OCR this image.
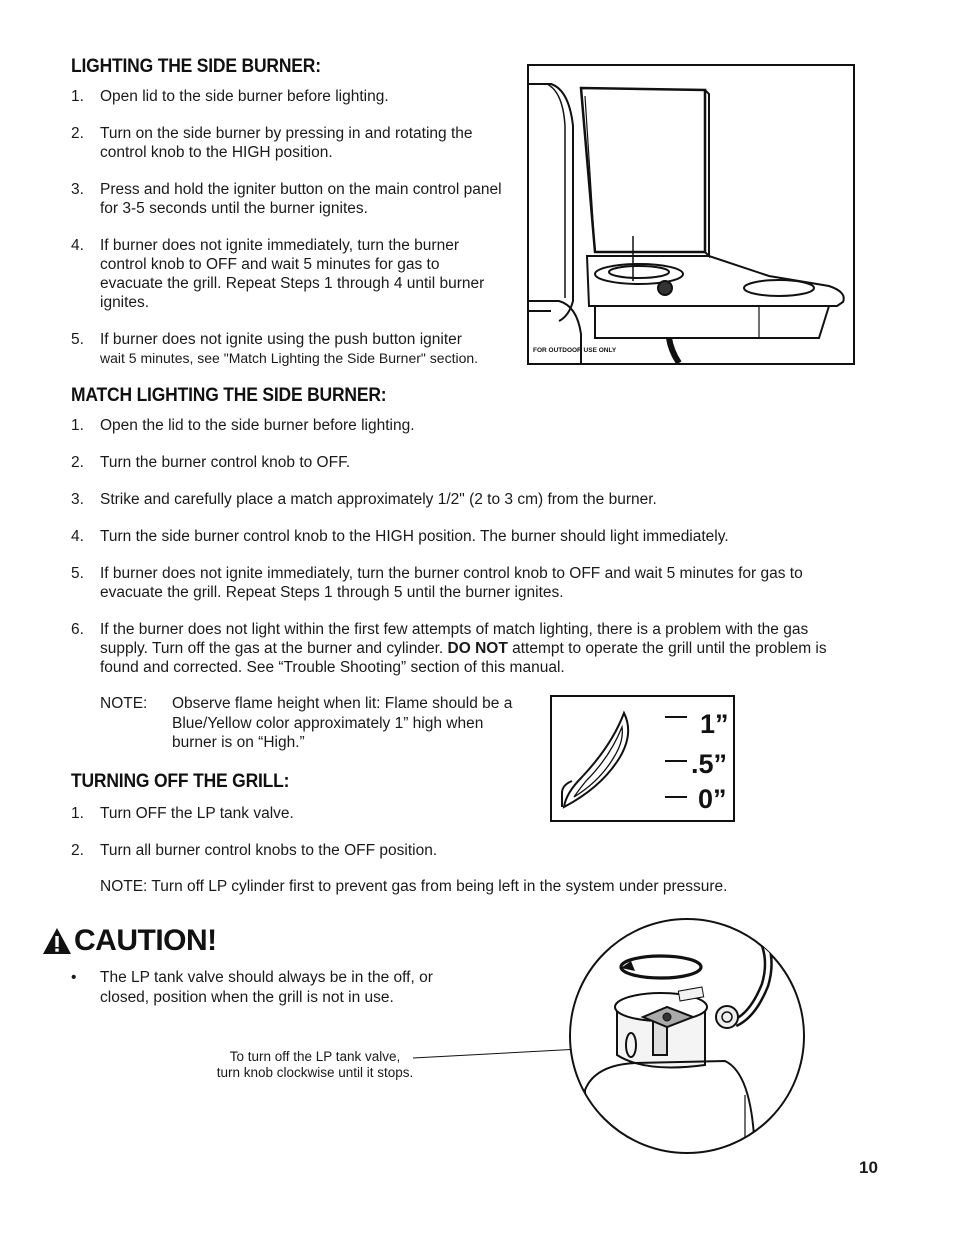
LIGHTING THE SIDE BURNER:
1. Open lid to the side burner before lighting.
2. Turn on the side burner by pressing in and rotating the control knob to the HIGH position.
3. Press and hold the igniter button on the main control panel for 3-5 seconds until the burner ignites.
4. If burner does not ignite immediately, turn the burner control knob to OFF and wait 5 minutes for gas to evacuate the grill. Repeat Steps 1 through 4 until burner ignites.
5. If burner does not ignite using the push button igniter
wait 5 minutes, see "Match Lighting the Side Burner" section.	FOR OUTDOOR USE ONLY
MATCH LIGHTING THE SIDE BURNER:
1. Open the lid to the side burner before lighting.
2. Turn the burner control knob to OFF.
3. Strike and carefully place a match approximately 1/2" (2 to 3 cm) from the burner.
4. Turn the side burner control knob to the HIGH position. The burner should light immediately.
5. If burner does not ignite immediately, turn the burner control knob to OFF and wait 5 minutes for gas to evacuate the grill. Repeat Steps 1 through 5 until the burner ignites.
6. If the burner does not light within the first few attempts of match lighting, there is a problem with the gas supply. Turn off the gas at the burner and cylinder. DO NOT attempt to operate the grill until the problem is found and corrected. See “Trouble Shooting” section of this manual.
NOTE:	Observe flame height when lit: Flame should be a Blue/Yellow color approximately 1” high when burner is on “High.”
1”
.5”
0”
TURNING OFF THE GRILL:
1. Turn OFF the LP tank valve.
2. Turn all burner control knobs to the OFF position.
NOTE: Turn off LP cylinder first to prevent gas from being left in the system under pressure.
CAUTION!
• The LP tank valve should always be in the off, or closed, position when the grill is not in use.
To turn off the LP tank valve,
turn knob clockwise until it stops.
10
